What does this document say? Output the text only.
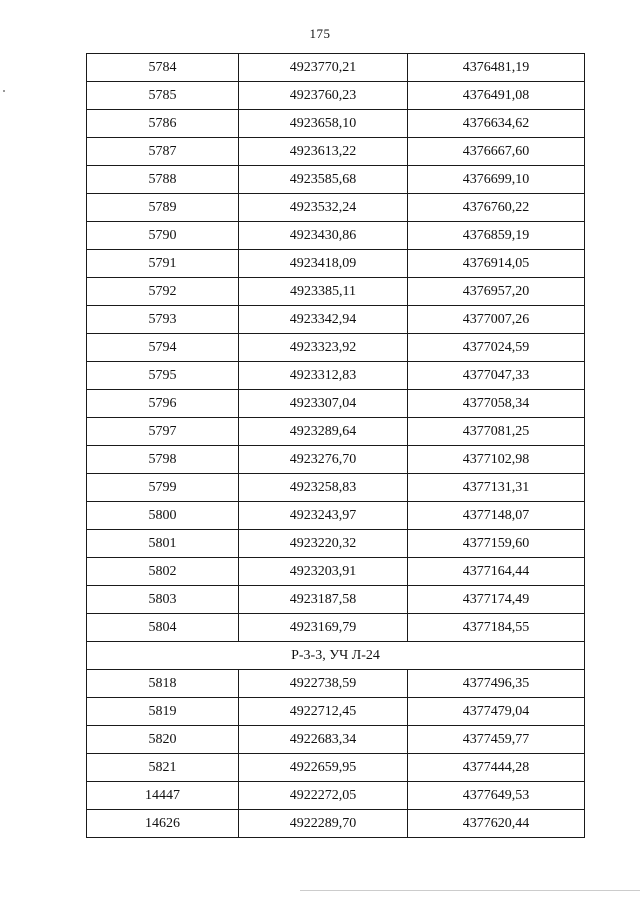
175
5784	4923770,21	4376481,19
5785	4923760,23	4376491,08
5786	4923658,10	4376634,62
5787	4923613,22	4376667,60
5788	4923585,68	4376699,10
5789	4923532,24	4376760,22
5790	4923430,86	4376859,19
5791	4923418,09	4376914,05
5792	4923385,11	4376957,20
5793	4923342,94	4377007,26
5794	4923323,92	4377024,59
5795	4923312,83	4377047,33
5796	4923307,04	4377058,34
5797	4923289,64	4377081,25
5798	4923276,70	4377102,98
5799	4923258,83	4377131,31
5800	4923243,97	4377148,07
5801	4923220,32	4377159,60
5802	4923203,91	4377164,44
5803	4923187,58	4377174,49
5804	4923169,79	4377184,55
Р-3-3, УЧ Л-24		
5818	4922738,59	4377496,35
5819	4922712,45	4377479,04
5820	4922683,34	4377459,77
5821	4922659,95	4377444,28
14447	4922272,05	4377649,53
14626	4922289,70	4377620,44
